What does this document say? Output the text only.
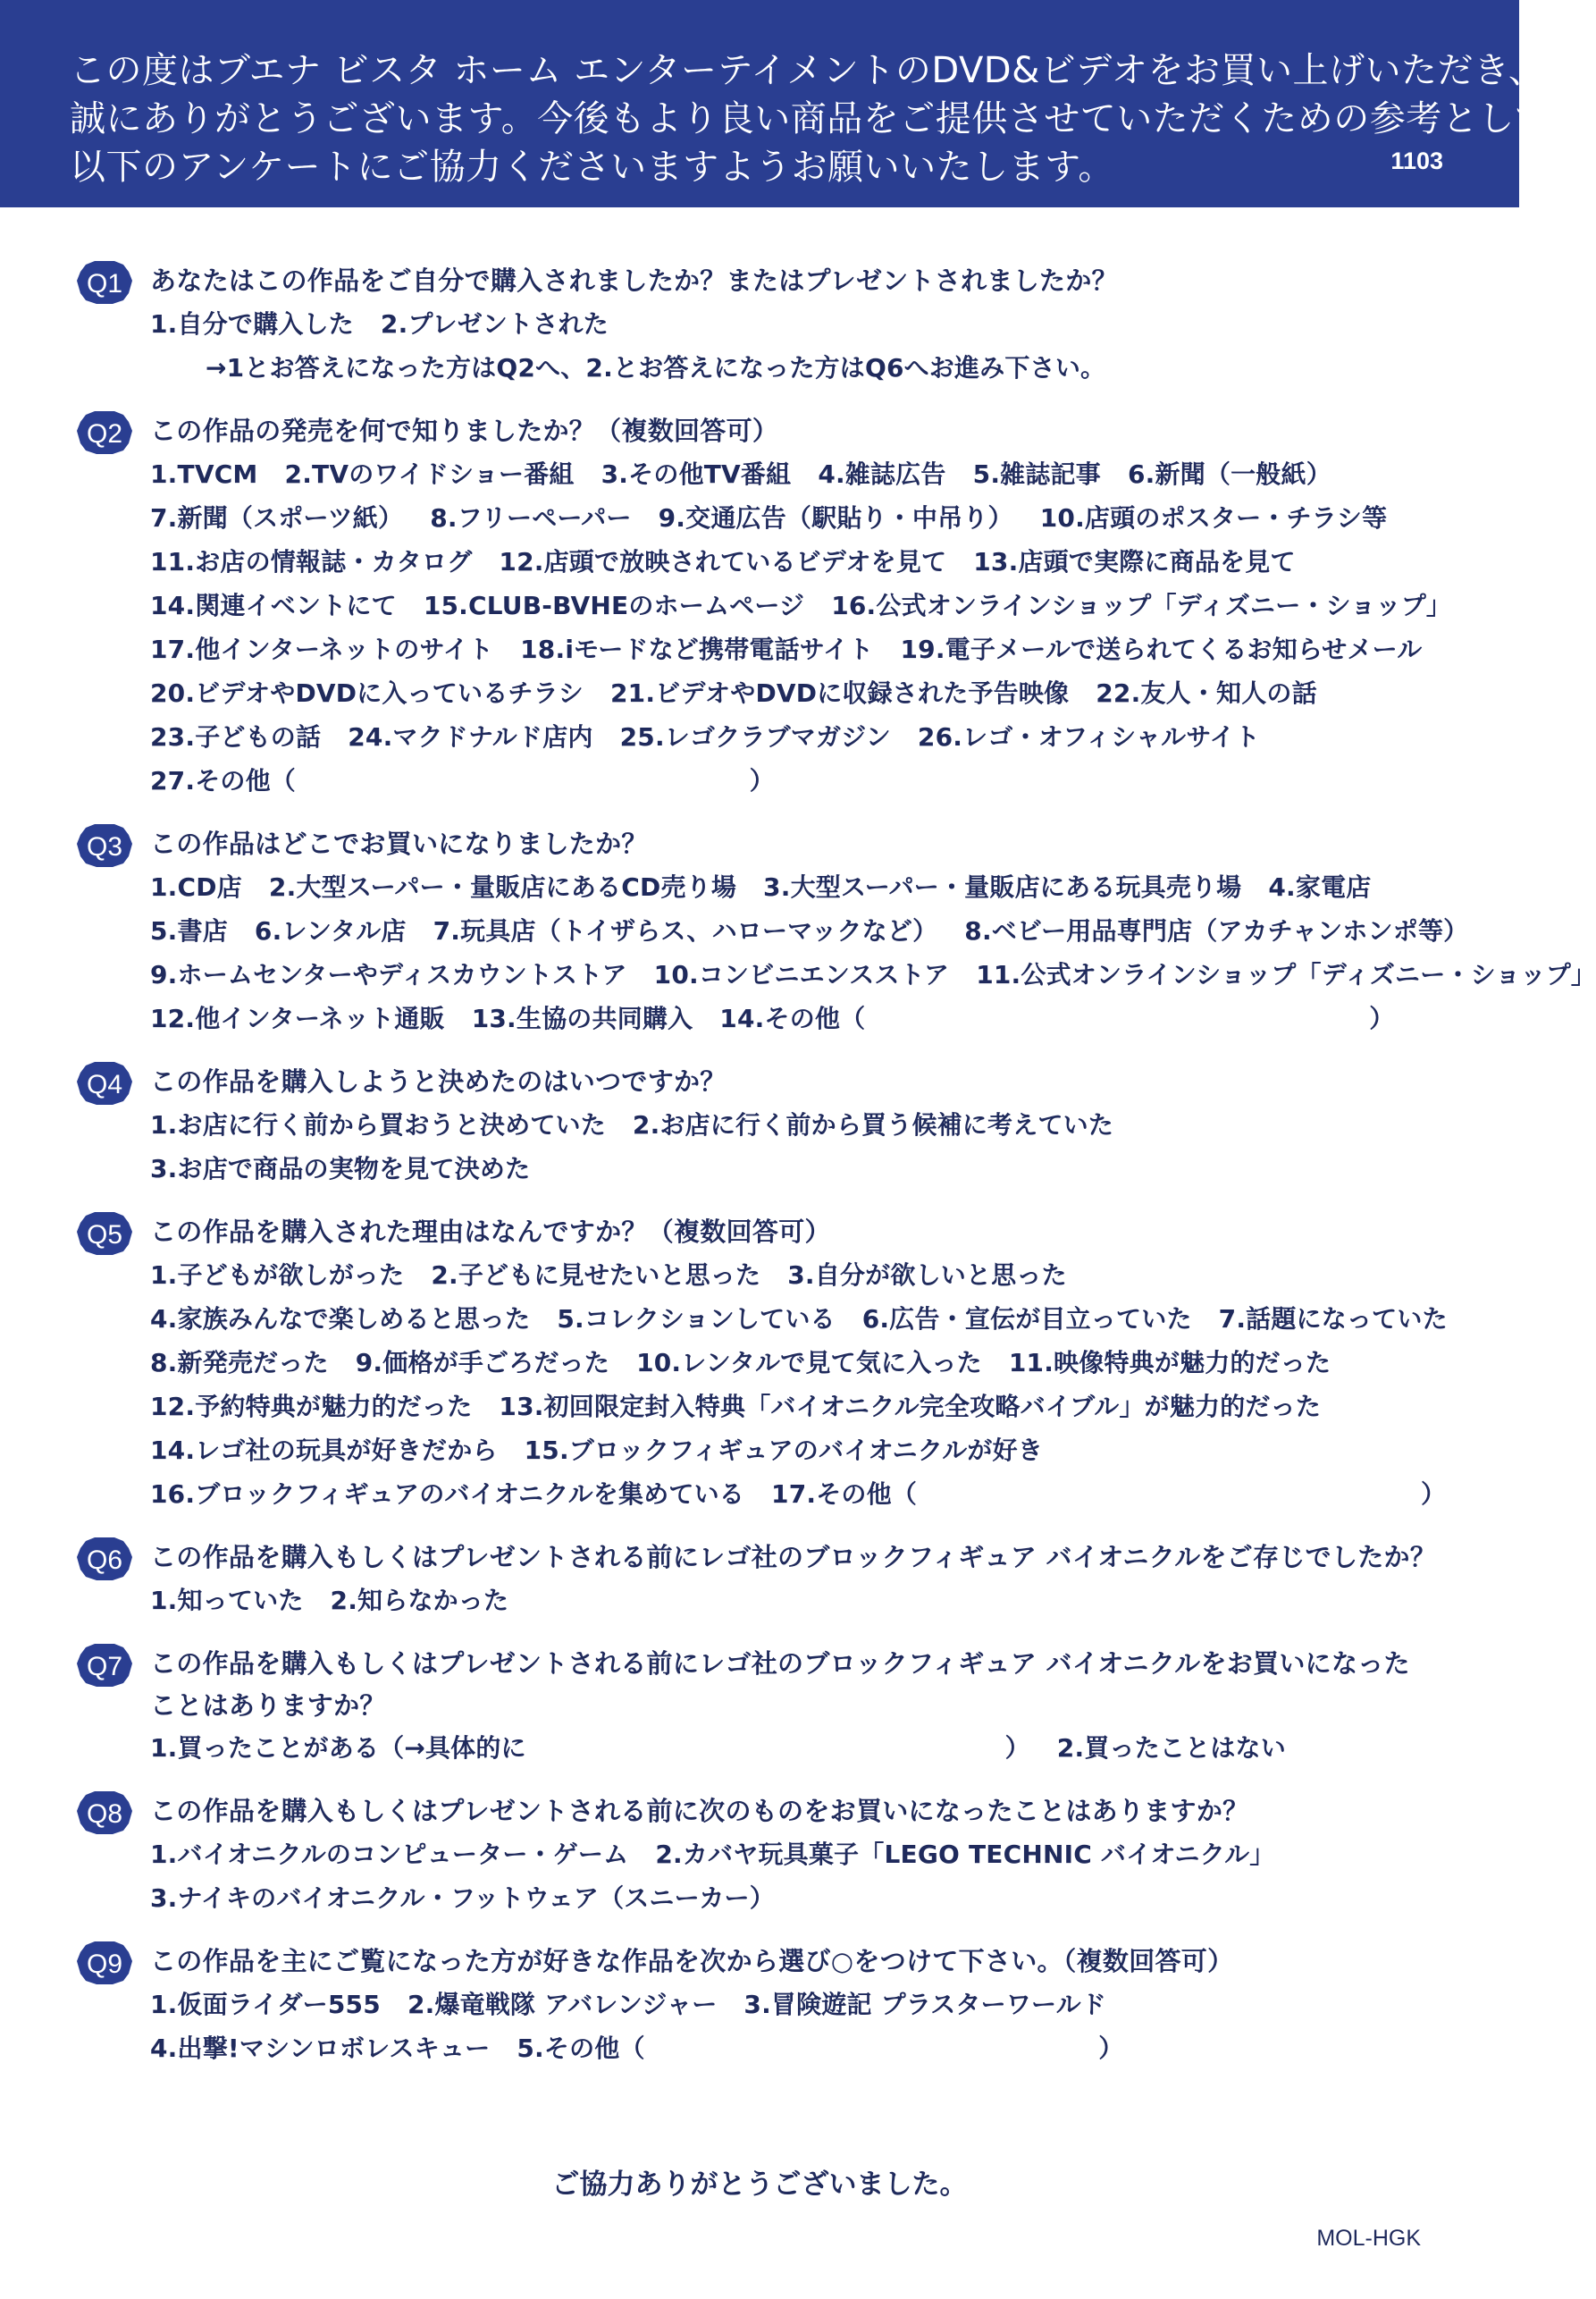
この度はブエナ ビスタ ホーム エンターテイメントのDVD&ビデオをお買い上げいただき、
誠にありがとうございます。今後もより良い商品をご提供させていただくための参考として、
以下のアンケートにご協力くださいますようお願いいたします。	1103
Q1 あなたはこの作品をご自分で購入されましたか？またはプレゼントされましたか？
1.自分で購入した 2.プレゼントされた
→1とお答えになった方はQ2へ、2.とお答えになった方はQ6へお進み下さい。
Q2 この作品の発売を何で知りましたか？（複数回答可）
1.TVCM 2.TVのワイドショー番組 3.その他TV番組 4.雑誌広告 5.雑誌記事 6.新聞（一般紙）
7.新聞（スポーツ紙） 8.フリーペーパー 9.交通広告（駅貼り・中吊り） 10.店頭のポスター・チラシ等
11.お店の情報誌・カタログ 12.店頭で放映されているビデオを見て 13.店頭で実際に商品を見て
14.関連イベントにて 15.CLUB-BVHEのホームページ 16.公式オンラインショップ「ディズニー・ショップ」
17.他インターネットのサイト 18.iモードなど携帯電話サイト 19.電子メールで送られてくるお知らせメール
20.ビデオやDVDに入っているチラシ 21.ビデオやDVDに収録された予告映像 22.友人・知人の話
23.子どもの話 24.マクドナルド店内 25.レゴクラブマガジン 26.レゴ・オフィシャルサイト
27.その他（　　　　　　　　　　　　　　　　　　）
Q3 この作品はどこでお買いになりましたか？
1.CD店 2.大型スーパー・量販店にあるCD売り場 3.大型スーパー・量販店にある玩具売り場 4.家電店
5.書店 6.レンタル店 7.玩具店（トイザらス、ハローマックなど） 8.ベビー用品専門店（アカチャンホンポ等）
9.ホームセンターやディスカウントストア 10.コンビニエンスストア 11.公式オンラインショップ「ディズニー・ショップ」
12.他インターネット通販 13.生協の共同購入 14.その他（　　　　　　　　　　　　　　　　　　　　）
Q4 この作品を購入しようと決めたのはいつですか？
1.お店に行く前から買おうと決めていた 2.お店に行く前から買う候補に考えていた
3.お店で商品の実物を見て決めた
Q5 この作品を購入された理由はなんですか？（複数回答可）
1.子どもが欲しがった 2.子どもに見せたいと思った 3.自分が欲しいと思った
4.家族みんなで楽しめると思った 5.コレクションしている 6.広告・宣伝が目立っていた 7.話題になっていた
8.新発売だった 9.価格が手ごろだった 10.レンタルで見て気に入った 11.映像特典が魅力的だった
12.予約特典が魅力的だった 13.初回限定封入特典「バイオニクル完全攻略バイブル」が魅力的だった
14.レゴ社の玩具が好きだから 15.ブロックフィギュアのバイオニクルが好き
16.ブロックフィギュアのバイオニクルを集めている 17.その他（　　　　　　　　　　　　　　　　　　　　）
Q6 この作品を購入もしくはプレゼントされる前にレゴ社のブロックフィギュア バイオニクルをご存じでしたか？
1.知っていた 2.知らなかった
Q7 この作品を購入もしくはプレゼントされる前にレゴ社のブロックフィギュア バイオニクルをお買いになった
ことはありますか？
1.買ったことがある（→具体的に　　　　　　　　　　　　　　　　　　　） 2.買ったことはない
Q8 この作品を購入もしくはプレゼントされる前に次のものをお買いになったことはありますか？
1.バイオニクルのコンピューター・ゲーム 2.カバヤ玩具菓子「LEGO TECHNIC バイオニクル」
3.ナイキのバイオニクル・フットウェア（スニーカー）
Q9 この作品を主にご覧になった方が好きな作品を次から選び○をつけて下さい。（複数回答可）
1.仮面ライダー555 2.爆竜戦隊 アバレンジャー 3.冒険遊記 プラスターワールド
4.出撃!マシンロボレスキュー 5.その他（　　　　　　　　　　　　　　　　　　）
ご協力ありがとうございました。
MOL-HGK
